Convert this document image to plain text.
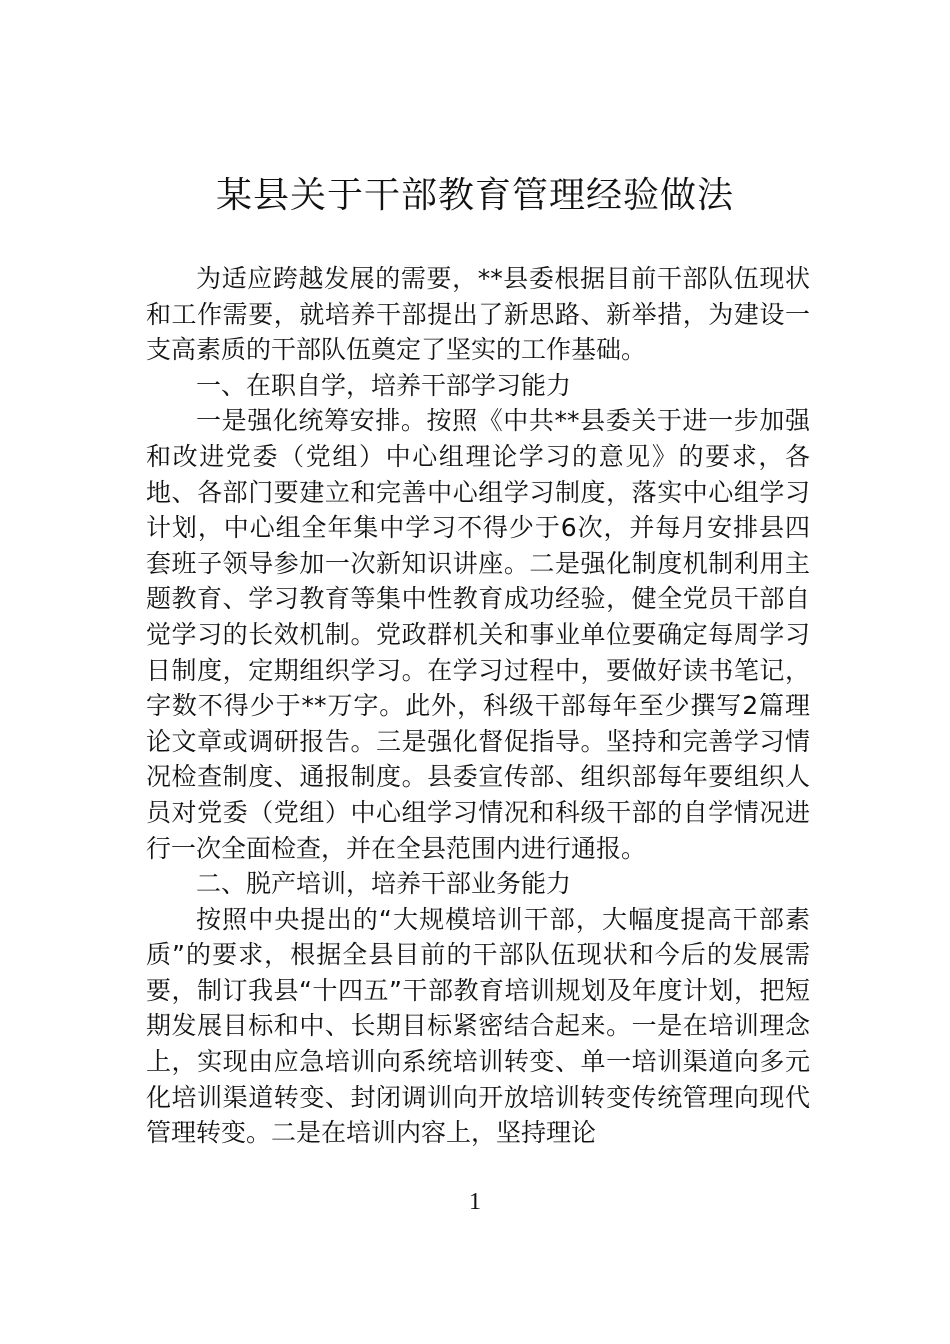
某县关于干部教育管理经验做法

为适应跨越发展的需要，**县委根据目前干部队伍现状和工作需要，就培养干部提出了新思路、新举措，为建设一支高素质的干部队伍奠定了坚实的工作基础。

一、在职自学，培养干部学习能力

一是强化统筹安排。按照《中共**县委关于进一步加强和改进党委（党组）中心组理论学习的意见》的要求，各地、各部门要建立和完善中心组学习制度，落实中心组学习计划，中心组全年集中学习不得少于6次，并每月安排县四套班子领导参加一次新知识讲座。二是强化制度机制利用主题教育、学习教育等集中性教育成功经验，健全党员干部自觉学习的长效机制。党政群机关和事业单位要确定每周学习日制度，定期组织学习。在学习过程中，要做好读书笔记，字数不得少于**万字。此外，科级干部每年至少撰写2篇理论文章或调研报告。三是强化督促指导。坚持和完善学习情况检查制度、通报制度。县委宣传部、组织部每年要组织人员对党委（党组）中心组学习情况和科级干部的自学情况进行一次全面检查，并在全县范围内进行通报。

二、脱产培训，培养干部业务能力

按照中央提出的“大规模培训干部，大幅度提高干部素质”的要求，根据全县目前的干部队伍现状和今后的发展需要，制订我县“十四五”干部教育培训规划及年度计划，把短期发展目标和中、长期目标紧密结合起来。一是在培训理念上，实现由应急培训向系统培训转变、单一培训渠道向多元化培训渠道转变、封闭调训向开放培训转变传统管理向现代管理转变。二是在培训内容上，坚持理论

1
